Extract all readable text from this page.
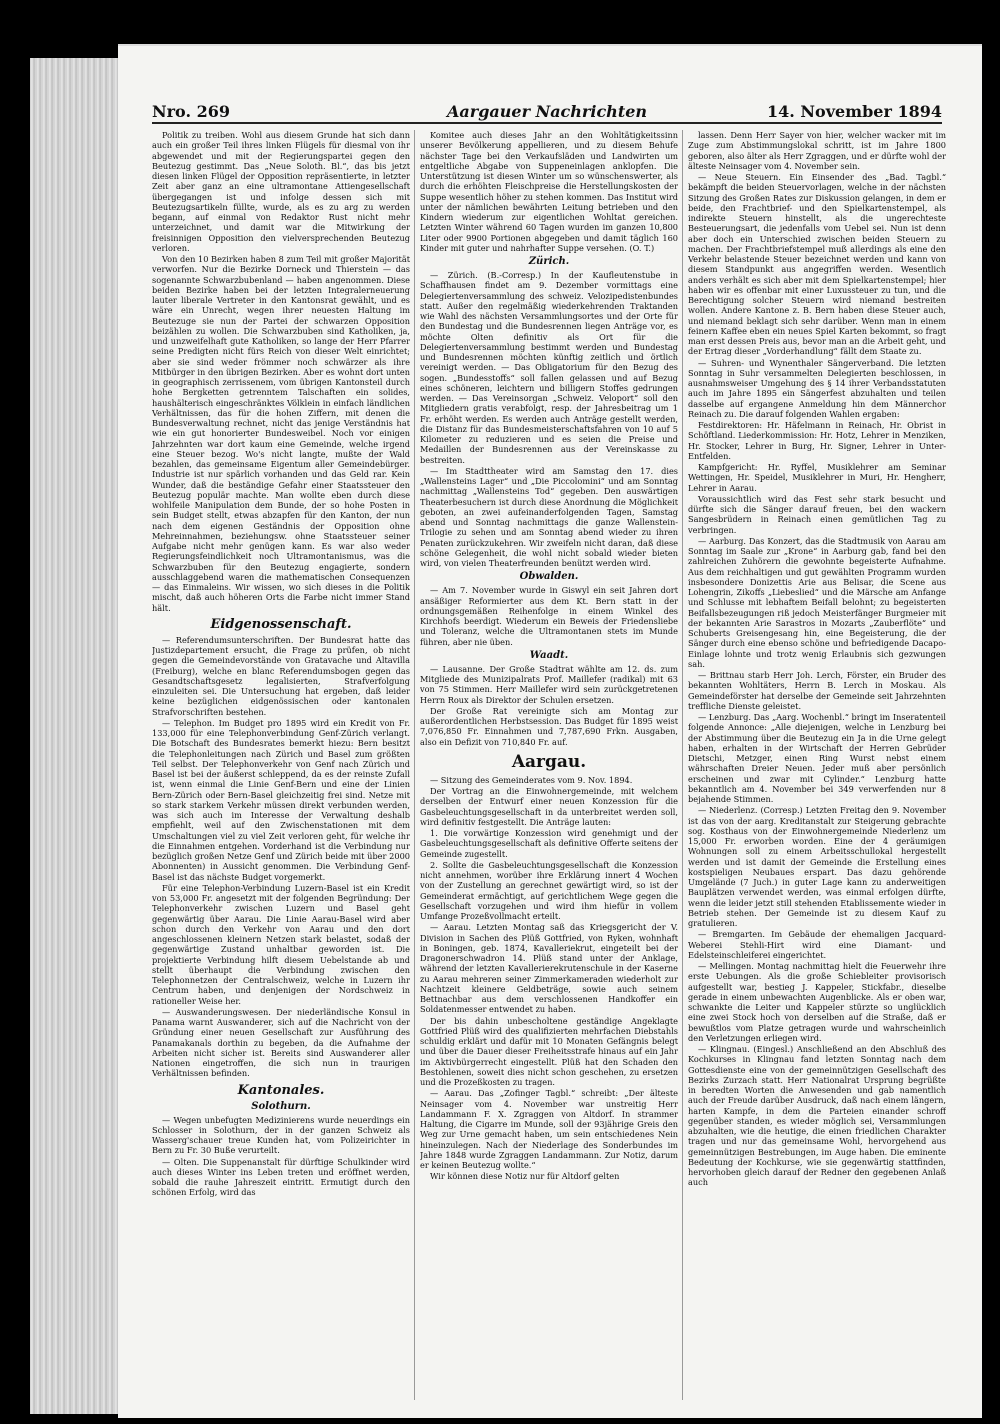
Nro. 269	Aargauer Nachrichten	14. November 1894

Politik zu treiben. Wohl aus diesem Grunde hat sich dann auch ein großer Teil ihres linken Flügels für diesmal von ihr abgewendet und mit der Regierungspartei gegen den Beutezug gestimmt. Das „Neue Soloth. Bl.“, das bis jetzt diesen linken Flügel der Opposition repräsentierte, in letzter Zeit aber ganz an eine ultramontane Attiengesellschaft übergegangen ist und infolge dessen sich mit Beutezugsartikeln füllte, wurde, als es zu arg zu werden begann, auf einmal von Redaktor Rust nicht mehr unterzeichnet, und damit war die Mitwirkung der freisinnigen Opposition den vielversprechenden Beutezug verloren.

Von den 10 Bezirken haben 8 zum Teil mit großer Majorität verworfen. Nur die Bezirke Dorneck und Thierstein — das sogenannte Schwarzbubenland — haben angenommen. Diese beiden Bezirke haben bei der letzten Integralerneuerung lauter liberale Vertreter in den Kantonsrat gewählt, und es wäre ein Unrecht, wegen ihrer neuesten Haltung im Beutezuge sie nun der Partei der schwarzen Opposition beizählen zu wollen. Die Schwarzbuben sind Katholiken, ja, und unzweifelhaft gute Katholiken, so lange der Herr Pfarrer seine Predigten nicht fürs Reich von dieser Welt einrichtet; aber sie sind weder frömmer noch schwärzer als ihre Mitbürger in den übrigen Bezirken. Aber es wohnt dort unten in geographisch zerrissenem, vom übrigen Kantonsteil durch hohe Bergketten getrenntem Talschaften ein solides, haushälterisch eingeschränktes Völklein in einfach ländlichen Verhältnissen, das für die hohen Ziffern, mit denen die Bundesverwaltung rechnet, nicht das jenige Verständnis hat wie ein gut honorierter Bundesweibel. Noch vor einigen Jahrzehnten war dort kaum eine Gemeinde, welche irgend eine Steuer bezog. Wo's nicht langte, mußte der Wald bezahlen, das gemeinsame Eigentum aller Gemeindebürger. Industrie ist nur spärlich vorhanden und das Geld rar. Kein Wunder, daß die beständige Gefahr einer Staatssteuer den Beutezug populär machte. Man wollte eben durch diese wohlfeile Manipulation dem Bunde, der so hohe Posten in sein Budget stellt, etwas abzapfen für den Kanton, der nun nach dem eigenen Geständnis der Opposition ohne Mehreinnahmen, beziehungsw. ohne Staatssteuer seiner Aufgabe nicht mehr genügen kann. Es war also weder Regierungsfeindlichkeit noch Ultramontanismus, was die Schwarzbuben für den Beutezug engagierte, sondern ausschlaggebend waren die mathematischen Consequenzen — das Einmaleins. Wir wissen, wo sich dieses in die Politik mischt, daß auch höheren Orts die Farbe nicht immer Stand hält.

Eidgenossenschaft.

— Referendumsunterschriften. Der Bundesrat hatte das Justizdepartement ersucht, die Frage zu prüfen, ob nicht gegen die Gemeindevorstände von Gratavache und Altavilla (Freiburg), welche en blanc Referendumsbogen gegen das Gesandtschaftsgesetz legalisierten, Strafverfolgung einzuleiten sei. Die Untersuchung hat ergeben, daß leider keine bezüglichen eidgenössischen oder kantonalen Strafvorschriften bestehen.

— Telephon. Im Budget pro 1895 wird ein Kredit von Fr. 133,000 für eine Telephonverbindung Genf-Zürich verlangt. Die Botschaft des Bundesrates bemerkt hiezu: Bern besitzt die Telephonleitungen nach Zürich und Basel zum größten Teil selbst. Der Telephonverkehr von Genf nach Zürich und Basel ist bei der äußerst schleppend, da es der reinste Zufall ist, wenn einmal die Linie Genf-Bern und eine der Linien Bern-Zürich oder Bern-Basel gleichzeitig frei sind. Netze mit so stark starkem Verkehr müssen direkt verbunden werden, was sich auch im Interesse der Verwaltung deshalb empfiehlt, weil auf den Zwischenstationen mit dem Umschaltungen viel zu viel Zeit verloren geht, für welche ihr die Einnahmen entgehen. Vorderhand ist die Verbindung nur bezüglich großen Netze Genf und Zürich beide mit über 2000 Abonnenten) in Aussicht genommen. Die Verbindung Genf-Basel ist das nächste Budget vorgemerkt.

Für eine Telephon-Verbindung Luzern-Basel ist ein Kredit von 53,000 Fr. angesetzt mit der folgenden Begründung: Der Telephonverkehr zwischen Luzern und Basel geht gegenwärtig über Aarau. Die Linie Aarau-Basel wird aber schon durch den Verkehr von Aarau und den dort angeschlossenen kleinern Netzen stark belastet, sodaß der gegenwärtige Zustand unhaltbar geworden ist. Die projektierte Verbindung hilft diesem Uebelstande ab und stellt überhaupt die Verbindung zwischen den Telephonnetzen der Centralschweiz, welche in Luzern ihr Centrum haben, und denjenigen der Nordschweiz in rationeller Weise her.

— Auswanderungswesen. Der niederländische Konsul in Panama warnt Auswanderer, sich auf die Nachricht von der Gründung einer neuen Gesellschaft zur Ausführung des Panamakanals dorthin zu begeben, da die Aufnahme der Arbeiten nicht sicher ist. Bereits sind Auswanderer aller Nationen eingetroffen, die sich nun in traurigen Verhältnissen befinden.

Kantonales.
Solothurn.

— Wegen unbefugten Medizinierens wurde neuerdings ein Schlosser in Solothurn, der in der ganzen Schweiz als Wasserg'schauer treue Kunden hat, vom Polizeirichter in Bern zu Fr. 30 Buße verurteilt.

— Olten. Die Suppenanstalt für dürftige Schulkinder wird auch dieses Winter ins Leben treten und eröffnet werden, sobald die rauhe Jahreszeit eintritt. Ermutigt durch den schönen Erfolg, wird das

Komitee auch dieses Jahr an den Wohltätigkeitssinn unserer Bevölkerung appellieren, und zu diesem Behufe nächster Tage bei den Verkaufsläden und Landwirten um entgeltliche Abgabe von Suppeneinlagen anklopfen. Die Unterstützung ist diesen Winter um so wünschenswerter, als durch die erhöhten Fleischpreise die Herstellungskosten der Suppe wesentlich höher zu stehen kommen. Das Institut wird unter der nämlichen bewährten Leitung betrieben und den Kindern wiederum zur eigentlichen Wohltat gereichen. Letzten Winter während 60 Tagen wurden im ganzen 10,800 Liter oder 9900 Portionen abgegeben und damit täglich 160 Kinder mit guter und nahrhafter Suppe versehen. (O. T.)

Zürich.

— Zürich. (B.-Corresp.) In der Kaufleutenstube in Schaffhausen findet am 9. Dezember vormittags eine Delegiertenversammlung des schweiz. Velozipedistenbundes statt. Außer den regelmäßig wiederkehrenden Traktanden wie Wahl des nächsten Versammlungsortes und der Orte für den Bundestag und die Bundesrennen liegen Anträge vor, es möchte Olten definitiv als Ort für die Delegiertenversammlung bestimmt werden und Bundestag und Bundesrennen möchten künftig zeitlich und örtlich vereinigt werden. — Das Obligatorium für den Bezug des sogen. „Bundesstoffs“ soll fallen gelassen und auf Bezug eines schöneren, leichtern und billigern Stoffes gedrungen werden. — Das Vereinsorgan „Schweiz. Veloport“ soll den Mitgliedern gratis verabfolgt, resp. der Jahresbeitrag um 1 Fr. erhöht werden. Es werden auch Anträge gestellt werden, die Distanz für das Bundesmeisterschaftsfahren von 10 auf 5 Kilometer zu reduzieren und es seien die Preise und Medaillen der Bundesrennen aus der Vereinskasse zu bestreiten.

— Im Stadttheater wird am Samstag den 17. dies „Wallensteins Lager“ und „Die Piccolomini“ und am Sonntag nachmittag „Wallensteins Tod“ gegeben. Den auswärtigen Theaterbesuchern ist durch diese Anordnung die Möglichkeit geboten, an zwei aufeinanderfolgenden Tagen, Samstag abend und Sonntag nachmittags die ganze Wallenstein-Trilogie zu sehen und am Sonntag abend wieder zu ihren Penaten zurückzukehren. Wir zweifeln nicht daran, daß diese schöne Gelegenheit, die wohl nicht sobald wieder bieten wird, von vielen Theaterfreunden benützt werden wird.

Obwalden.

— Am 7. November wurde in Giswyl ein seit Jahren dort ansäßiger Reformierter aus dem Kt. Bern statt in der ordnungsgemäßen Reihenfolge in einem Winkel des Kirchhofs beerdigt. Wiederum ein Beweis der Friedensliebe und Toleranz, welche die Ultramontanen stets im Munde führen, aber nie üben.

Waadt.

— Lausanne. Der Große Stadtrat wählte am 12. ds. zum Mitgliede des Munizipalrats Prof. Maillefer (radikal) mit 63 von 75 Stimmen. Herr Maillefer wird sein zurückgetretenen Herrn Roux als Direktor der Schulen ersetzen.

Der Große Rat vereinigte sich am Montag zur außerordentlichen Herbstsession. Das Budget für 1895 weist 7,076,850 Fr. Einnahmen und 7,787,690 Frkn. Ausgaben, also ein Defizit von 710,840 Fr. auf.

Aargau.

— Sitzung des Gemeinderates vom 9. Nov. 1894.

Der Vortrag an die Einwohnergemeinde, mit welchem derselben der Entwurf einer neuen Konzession für die Gasbeleuchtungsgesellschaft in da unterbreitet werden soll, wird definitiv festgestellt. Die Anträge lauten:

1. Die vorwärtige Konzession wird genehmigt und der Gasbeleuchtungsgesellschaft als definitive Offerte seitens der Gemeinde zugestellt.

2. Sollte die Gasbeleuchtungsgesellschaft die Konzession nicht annehmen, worüber ihre Erklärung innert 4 Wochen von der Zustellung an gerechnet gewärtigt wird, so ist der Gemeinderat ermächtigt, auf gerichtlichem Wege gegen die Gesellschaft vorzugehen und wird ihm hiefür in vollem Umfange Prozeßvollmacht erteilt.

— Aarau. Letzten Montag saß das Kriegsgericht der V. Division in Sachen des Plüß Gottfried, von Ryken, wohnhaft in Boningen, geb. 1874, Kavalleriekrut, eingeteilt bei der Dragonerschwadron 14. Plüß stand unter der Anklage, während der letzten Kavallerierekrutenschule in der Kaserne zu Aarau mehreren seiner Zimmerkameraden wiederholt zur Nachtzeit kleinere Geldbeträge, sowie auch seinem Bettnachbar aus dem verschlossenen Handkoffer ein Soldatenmesser entwendet zu haben.

Der bis dahin unbescholtene geständige Angeklagte Gottfried Plüß wird des qualifizierten mehrfachen Diebstahls schuldig erklärt und dafür mit 10 Monaten Gefängnis belegt und über die Dauer dieser Freiheitsstrafe hinaus auf ein Jahr im Aktivbürgerrecht eingestellt. Plüß hat den Schaden den Bestohlenen, soweit dies nicht schon geschehen, zu ersetzen und die Prozeßkosten zu tragen.

— Aarau. Das „Zofinger Tagbl.“ schreibt: „Der älteste Neinsager vom 4. November war unstreitig Herr Landammann F. X. Zgraggen von Altdorf. In strammer Haltung, die Cigarre im Munde, soll der 93jährige Greis den Weg zur Urne gemacht haben, um sein entschiedenes Nein hineinzulegen. Nach der Niederlage des Sonderbundes im Jahre 1848 wurde Zgraggen Landammann. Zur Notiz, darum er keinen Beutezug wollte.“

Wir können diese Notiz nur für Altdorf gelten

lassen. Denn Herr Sayer von hier, welcher wacker mit im Zuge zum Abstimmungslokal schritt, ist im Jahre 1800 geboren, also älter als Herr Zgraggen, und er dürfte wohl der älteste Neinsager vom 4. November sein.

— Neue Steuern. Ein Einsender des „Bad. Tagbl.“ bekämpft die beiden Steuervorlagen, welche in der nächsten Sitzung des Großen Rates zur Diskussion gelangen, in dem er beide, den Frachtbrief- und den Spielkartenstempel, als indirekte Steuern hinstellt, als die ungerechteste Besteuerungsart, die jedenfalls vom Uebel sei. Nun ist denn aber doch ein Unterschied zwischen beiden Steuern zu machen. Der Frachtbriefstempel muß allerdings als eine den Verkehr belastende Steuer bezeichnet werden und kann von diesem Standpunkt aus angegriffen werden. Wesentlich anders verhält es sich aber mit dem Spielkartenstempel; hier haben wir es offenbar mit einer Luxussteuer zu tun, und die Berechtigung solcher Steuern wird niemand bestreiten wollen. Andere Kantone z. B. Bern haben diese Steuer auch, und niemand beklagt sich sehr darüber. Wenn man in einem feinern Kaffee eben ein neues Spiel Karten bekommt, so fragt man erst dessen Preis aus, bevor man an die Arbeit geht, und der Ertrag dieser „Vorderhandlung“ fällt dem Staate zu.

— Suhren- und Wynenthaler Sängerverband. Die letzten Sonntag in Suhr versammelten Delegierten beschlossen, in ausnahmsweiser Umgehung des § 14 ihrer Verbandsstatuten auch im Jahre 1895 ein Sängerfest abzuhalten und teilen dasselbe auf ergangene Anmeldung hin dem Männerchor Reinach zu. Die darauf folgenden Wahlen ergaben:

Festdirektoren: Hr. Häfelmann in Reinach, Hr. Obrist in Schöftland. Liederkommission: Hr. Hotz, Lehrer in Menziken, Hr. Stocker, Lehrer in Burg, Hr. Signer, Lehrer in Unter-Entfelden.

Kampfgericht: Hr. Ryffel, Musiklehrer am Seminar Wettingen, Hr. Speidel, Musiklehrer in Muri, Hr. Hengherr, Lehrer in Aarau.

Voraussichtlich wird das Fest sehr stark besucht und dürfte sich die Sänger darauf freuen, bei den wackern Sangesbrüdern in Reinach einen gemütlichen Tag zu verbringen.

— Aarburg. Das Konzert, das die Stadtmusik von Aarau am Sonntag im Saale zur „Krone“ in Aarburg gab, fand bei den zahlreichen Zuhörern die gewohnte begeisterte Aufnahme. Aus dem reichhaltigen und gut gewählten Programm wurden insbesondere Donizettis Arie aus Belisar, die Scene aus Lohengrin, Zikoffs „Liebeslied“ und die Märsche am Anfange und Schlusse mit lebhaftem Beifall belohnt; zu begeisterten Beifallsbezeugungen riß jedoch Meisterfänger Burgmeier mit der bekannten Arie Sarastros in Mozarts „Zauberflöte“ und Schuberts Greisengesang hin, eine Begeisterung, die der Sänger durch eine ebenso schöne und befriedigende Dacapo-Einlage lohnte und trotz wenig Erlaubnis sich gezwungen sah.

— Brittnau starb Herr Joh. Lerch, Förster, ein Bruder des bekannten Wohltäters, Herrn B. Lerch in Moskau. Als Gemeindeförster hat derselbe der Gemeinde seit Jahrzehnten treffliche Dienste geleistet.

— Lenzburg. Das „Aarg. Wochenbl.“ bringt im Inseratenteil folgende Annonce: „Alle diejenigen, welche in Lenzburg bei der Abstimmung über die Beutezug ein Ja in die Urne gelegt haben, erhalten in der Wirtschaft der Herren Gebrüder Dietschi, Metzger, einen Ring Wurst nebst einem währschaften Dreier Neuen. Jeder muß aber persönlich erscheinen und zwar mit Cylinder.“ Lenzburg hatte bekanntlich am 4. November bei 349 verwerfenden nur 8 bejahende Stimmen.

— Niederlenz. (Corresp.) Letzten Freitag den 9. November ist das von der aarg. Kreditanstalt zur Steigerung gebrachte sog. Kosthaus von der Einwohnergemeinde Niederlenz um 15,000 Fr. erworben worden. Eine der 4 geräumigen Wohnungen soll zu einem Arbeitsschullokal hergestellt werden und ist damit der Gemeinde die Erstellung eines kostspieligen Neubaues erspart. Das dazu gehörende Umgelände (7 Juch.) in guter Lage kann zu anderweitigen Bauplätzen verwendet werden, was einmal erfolgen dürfte, wenn die leider jetzt still stehenden Etablissemente wieder in Betrieb stehen. Der Gemeinde ist zu diesem Kauf zu gratulieren.

— Bremgarten. Im Gebäude der ehemaligen Jacquard-Weberei Stehli-Hirt wird eine Diamant- und Edelsteinschleiferei eingerichtet.

— Mellingen. Montag nachmittag hielt die Feuerwehr ihre erste Uebungen. Als die große Schiebleiter provisorisch aufgestellt war, bestieg J. Kappeler, Stickfabr., dieselbe gerade in einem unbewachten Augenblicke. Als er oben war, schwankte die Leiter und Kappeler stürzte so unglücklich eine zwei Stock hoch von derselben auf die Straße, daß er bewußtlos vom Platze getragen wurde und wahrscheinlich den Verletzungen erliegen wird.

— Klingnau. (Eingesl.) Anschließend an den Abschluß des Kochkurses in Klingnau fand letzten Sonntag nach dem Gottesdienste eine von der gemeinnützigen Gesellschaft des Bezirks Zurzach statt. Herr Nationalrat Ursprung begrüßte in beredten Worten die Anwesenden und gab namentlich auch der Freude darüber Ausdruck, daß nach einem längern, harten Kampfe, in dem die Parteien einander schroff gegenüber standen, es wieder möglich sei, Versammlungen abzuhalten, wie die heutige, die einen friedlichen Charakter tragen und nur das gemeinsame Wohl, hervorgehend aus gemeinnützigen Bestrebungen, im Auge haben. Die eminente Bedeutung der Kochkurse, wie sie gegenwärtig stattfinden, hervorhoben gleich darauf der Redner den gegebenen Anlaß auch
